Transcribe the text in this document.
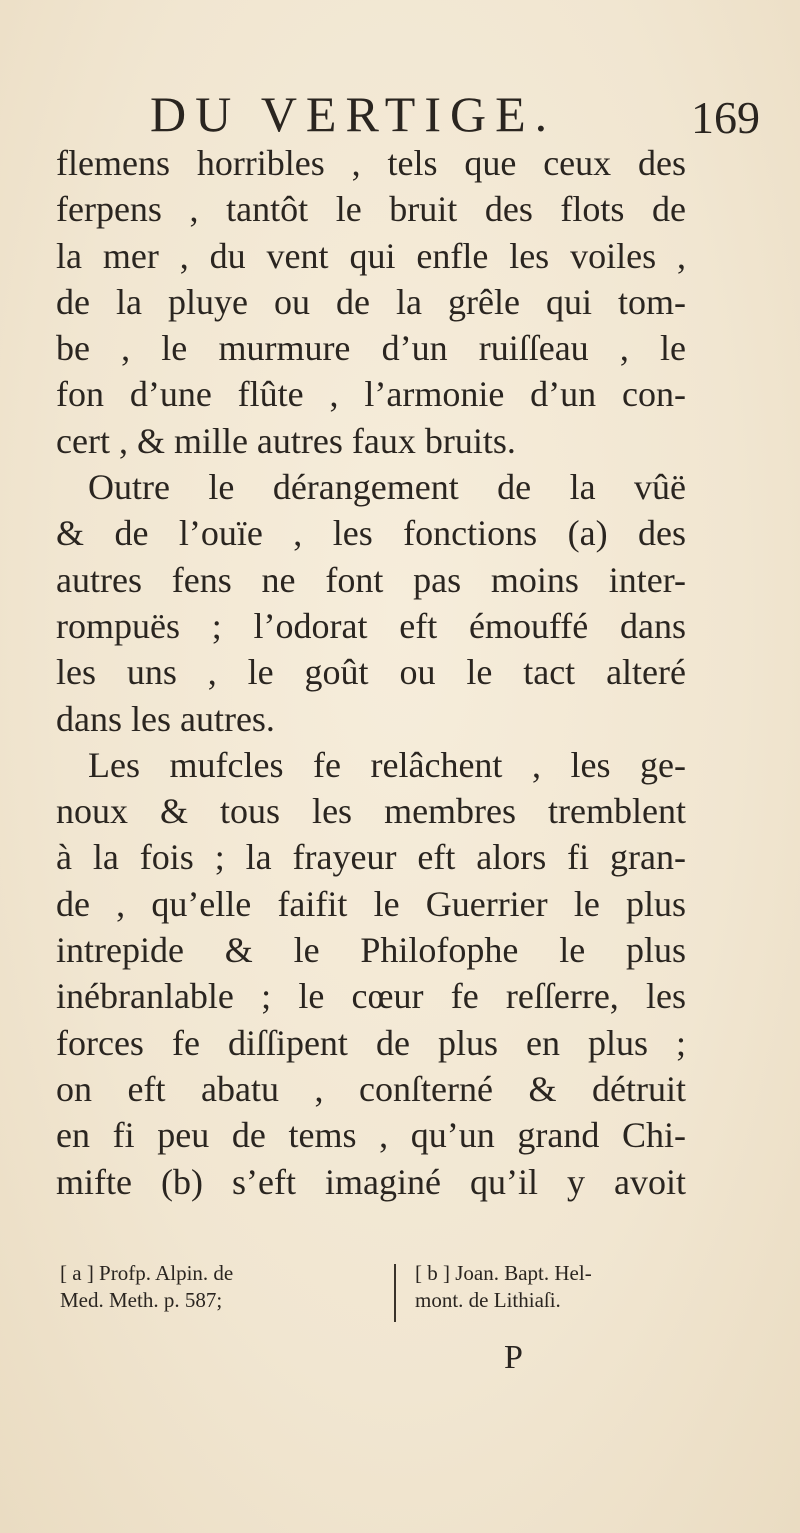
DU VERTIGE.	169
flemens horribles , tels que ceux des
ferpens , tantôt le bruit des flots de
la mer , du vent qui enfle les voiles ,
de la pluye ou de la grêle qui tom-
be , le murmure d’un ruiſſeau , le
fon d’une flûte , l’armonie d’un con-
cert , & mille autres faux bruits.
Outre le dérangement de la vûë
& de l’ouïe , les fonctions (a) des
autres fens ne font pas moins inter-
rompuës ; l’odorat eft émouffé dans
les uns , le goût ou le tact alteré
dans les autres.
Les mufcles fe relâchent , les ge-
noux & tous les membres tremblent
à la fois ; la frayeur eft alors fi gran-
de , qu’elle faifit le Guerrier le plus
intrepide & le Philofophe le plus
inébranlable ; le cœur fe reſſerre, les
forces fe diſſipent de plus en plus ;
on eft abatu , conſterné & détruit
en fi peu de tems , qu’un grand Chi-
mifte (b) s’eft imaginé qu’il y avoit
[ a ] Profp. Alpin. de
Med. Meth. p. 587;
[ b ] Joan. Bapt. Hel-
mont. de Lithiaſi.
P
